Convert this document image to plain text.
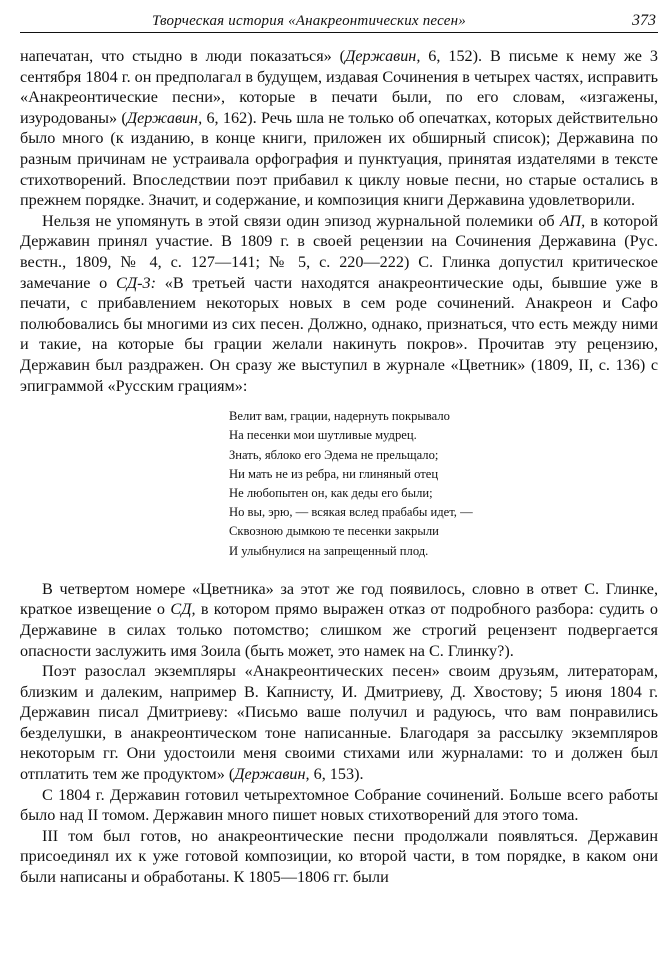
Творческая история «Анакреонтических песен»	373

напечатан, что стыдно в люди показаться» (Державин, 6, 152). В письме к нему же 3 сентября 1804 г. он предполагал в будущем, издавая Сочинения в четырех частях, исправить «Анакреонтические песни», которые в печати были, по его словам, «изгажены, изуродованы» (Державин, 6, 162). Речь шла не только об опечатках, которых действительно было много (к изданию, в конце книги, приложен их обширный список); Державина по разным причинам не устраивала орфография и пунктуация, принятая издателями в тексте стихотворений. Впоследствии поэт прибавил к циклу новые песни, но старые остались в прежнем порядке. Значит, и содержание, и композиция книги Державина удовлетворили.

Нельзя не упомянуть в этой связи один эпизод журнальной полемики об АП, в которой Державин принял участие. В 1809 г. в своей рецензии на Сочинения Державина (Рус. вестн., 1809, № 4, с. 127—141; № 5, с. 220—222) С. Глинка допустил критическое замечание о СД-3: «В третьей части находятся анакреонтические оды, бывшие уже в печати, с прибавлением некоторых новых в сем роде сочинений. Анакреон и Сафо полюбовались бы многими из сих песен. Должно, однако, признаться, что есть между ними и такие, на которые бы грации желали накинуть покров». Прочитав эту рецензию, Державин был раздражен. Он сразу же выступил в журнале «Цветник» (1809, II, с. 136) с эпиграммой «Русским грациям»:

Велит вам, грации, надернуть покрывало
На песенки мои шутливые мудрец.
Знать, яблоко его Эдема не прельщало;
Ни мать не из ребра, ни глиняный отец
Не любопытен он, как деды его были;
Но вы, эрю, — всякая вслед прабабы идет, —
Сквозною дымкою те песенки закрыли
И улыбнулися на запрещенный плод.

В четвертом номере «Цветника» за этот же год появилось, словно в ответ С. Глинке, краткое извещение о СД, в котором прямо выражен отказ от подробного разбора: судить о Державине в силах только потомство; слишком же строгий рецензент подвергается опасности заслужить имя Зоила (быть может, это намек на С. Глинку?).

Поэт разослал экземпляры «Анакреонтических песен» своим друзьям, литераторам, близким и далеким, например В. Капнисту, И. Дмитриеву, Д. Хвостову; 5 июня 1804 г. Державин писал Дмитриеву: «Письмо ваше получил и радуюсь, что вам понравились безделушки, в анакреонтическом тоне написанные. Благодаря за рассылку экземпляров некоторым гг. Они удостоили меня своими стихами или журналами: то и должен был отплатить тем же продуктом» (Державин, 6, 153).

С 1804 г. Державин готовил четырехтомное Собрание сочинений. Больше всего работы было над II томом. Державин много пишет новых стихотворений для этого тома.

III том был готов, но анакреонтические песни продолжали появляться. Державин присоединял их к уже готовой композиции, ко второй части, в том порядке, в каком они были написаны и обработаны. К 1805—1806 гг. были
